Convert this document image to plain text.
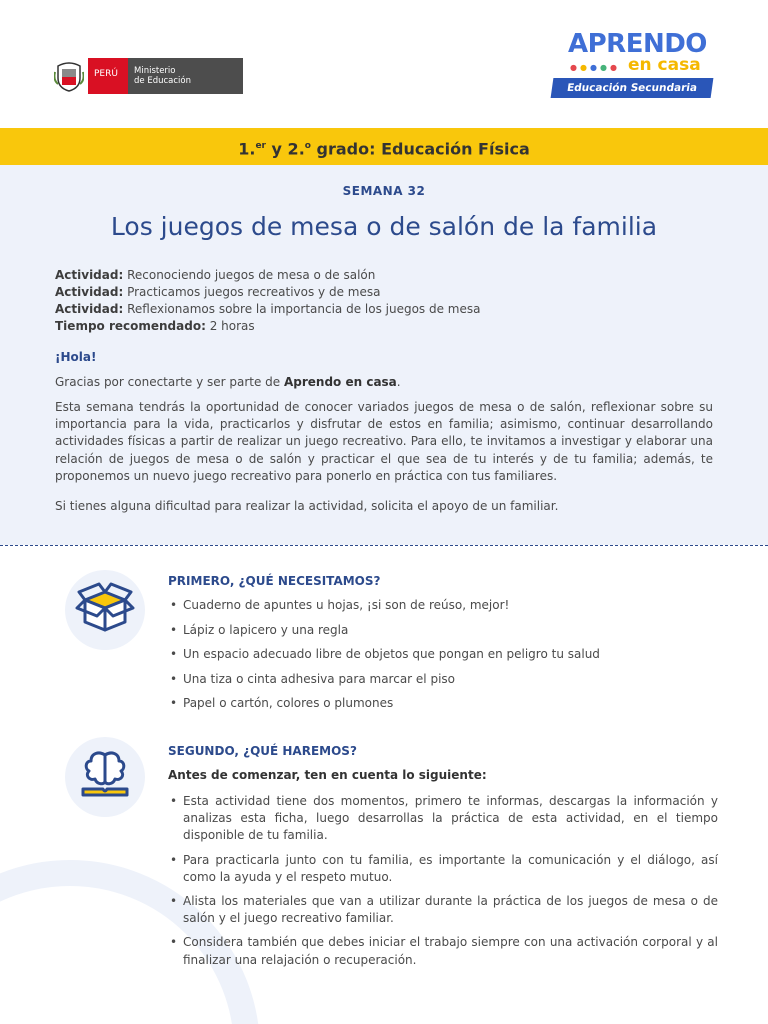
PERÚ	Ministerio
de Educación
APRENDO
●●●●● en casa
Educación Secundaria
1.$^{er}$ y 2.$^o$ grado: Educación Física
SEMANA 32
Los juegos de mesa o de salón de la familia
Actividad: Reconociendo juegos de mesa o de salón
Actividad: Practicamos juegos recreativos y de mesa
Actividad: Reflexionamos sobre la importancia de los juegos de mesa
Tiempo recomendado: 2 horas
¡Hola!
Gracias por conectarte y ser parte de Aprendo en casa.
Esta semana tendrás la oportunidad de conocer variados juegos de mesa o de salón, reflexionar sobre su importancia para la vida, practicarlos y disfrutar de estos en familia; asimismo, continuar desarrollando actividades físicas a partir de realizar un juego recreativo. Para ello, te invitamos a investigar y elaborar una relación de juegos de mesa o de salón y practicar el que sea de tu interés y de tu familia; además, te proponemos un nuevo juego recreativo para ponerlo en práctica con tus familiares.
Si tienes alguna dificultad para realizar la actividad, solicita el apoyo de un familiar.
PRIMERO, ¿QUÉ NECESITAMOS?
• Cuaderno de apuntes u hojas, ¡si son de reúso, mejor!
• Lápiz o lapicero y una regla
• Un espacio adecuado libre de objetos que pongan en peligro tu salud
• Una tiza o cinta adhesiva para marcar el piso
• Papel o cartón, colores o plumones
SEGUNDO, ¿QUÉ HAREMOS?
Antes de comenzar, ten en cuenta lo siguiente:
• Esta actividad tiene dos momentos, primero te informas, descargas la información y analizas esta ficha, luego desarrollas la práctica de esta actividad, en el tiempo disponible de tu familia.
• Para practicarla junto con tu familia, es importante la comunicación y el diálogo, así como la ayuda y el respeto mutuo.
• Alista los materiales que van a utilizar durante la práctica de los juegos de mesa o de salón y el juego recreativo familiar.
• Considera también que debes iniciar el trabajo siempre con una activación corporal y al finalizar una relajación o recuperación.
